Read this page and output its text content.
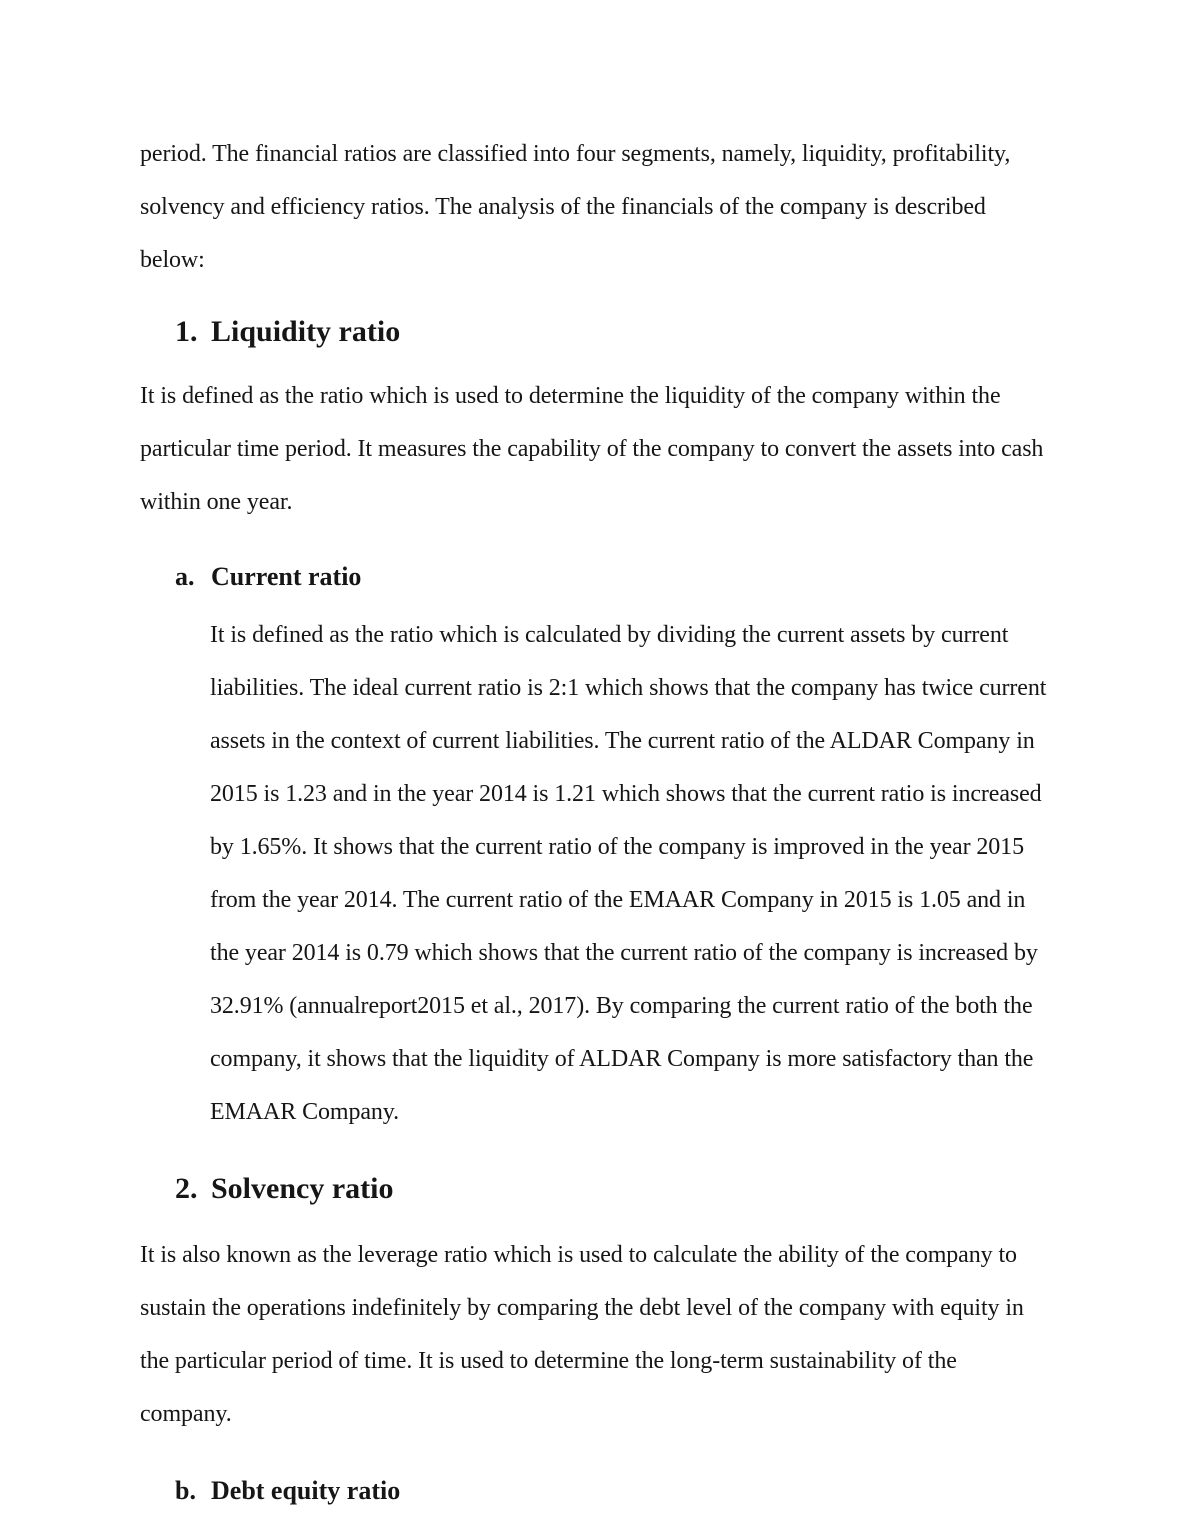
period. The financial ratios are classified into four segments, namely, liquidity, profitability, solvency and efficiency ratios. The analysis of the financials of the company is described below:

1. Liquidity ratio

It is defined as the ratio which is used to determine the liquidity of the company within the particular time period. It measures the capability of the company to convert the assets into cash within one year.

a. Current ratio

It is defined as the ratio which is calculated by dividing the current assets by current liabilities. The ideal current ratio is 2:1 which shows that the company has twice current assets in the context of current liabilities. The current ratio of the ALDAR Company in 2015 is 1.23 and in the year 2014 is 1.21 which shows that the current ratio is increased by 1.65%. It shows that the current ratio of the company is improved in the year 2015 from the year 2014. The current ratio of the EMAAR Company in 2015 is 1.05 and in the year 2014 is 0.79 which shows that the current ratio of the company is increased by 32.91% (annualreport2015 et al., 2017). By comparing the current ratio of the both the company, it shows that the liquidity of ALDAR Company is more satisfactory than the EMAAR Company.

2. Solvency ratio

It is also known as the leverage ratio which is used to calculate the ability of the company to sustain the operations indefinitely by comparing the debt level of the company with equity in the particular period of time. It is used to determine the long-term sustainability of the company.

b. Debt equity ratio
